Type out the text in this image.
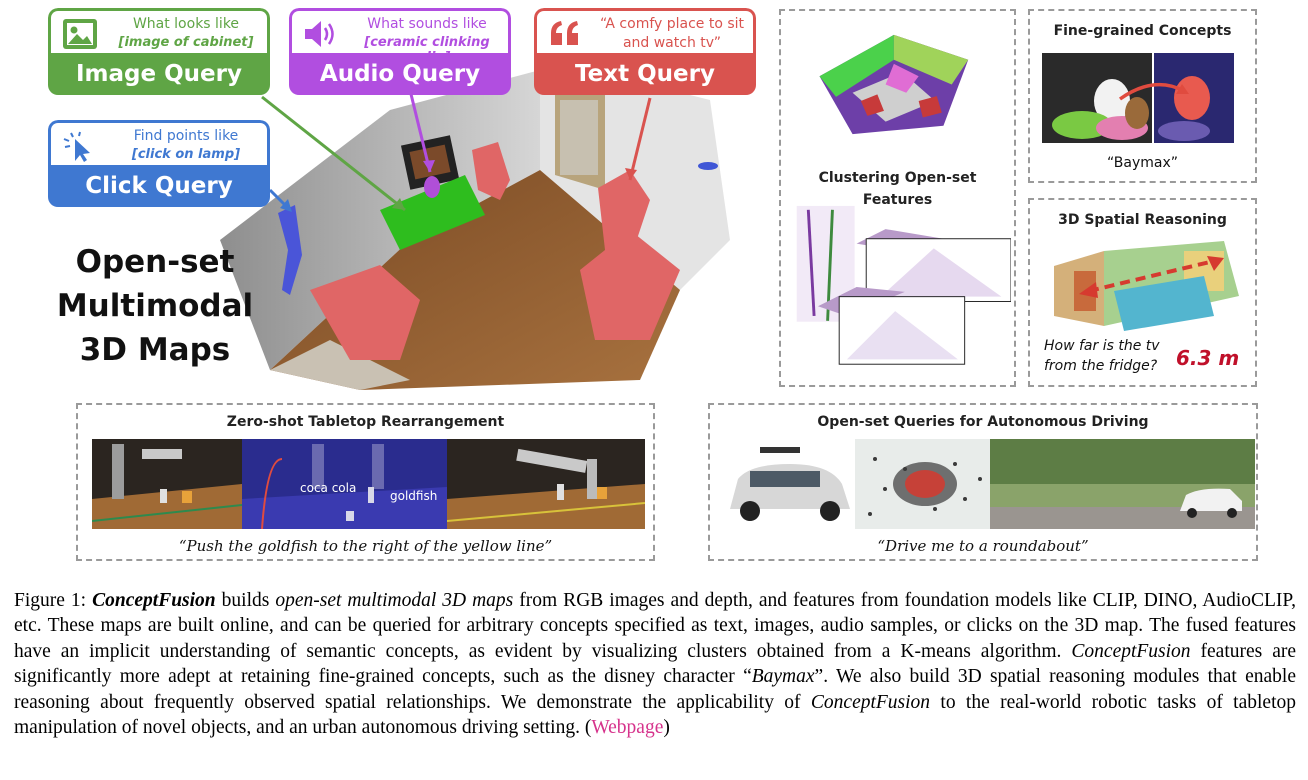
What looks like
[image of cabinet]
Image Query
What sounds like
[ceramic clinking audio]
Audio Query
“A comfy place to sit
and watch tv”
Text Query
Find points like
[click on lamp]
Click Query
Open-set
Multimodal
3D Maps
Clustering Open-set Features
Fine-grained Concepts
“Baymax”
3D Spatial Reasoning
How far is the tv
from the fridge? 6.3 m
Zero-shot Tabletop Rearrangement
coca cola
goldfish
“Push the goldfish to the right of the yellow line”
Open-set Queries for Autonomous Driving
“Drive me to a roundabout”
Figure 1: ConceptFusion builds open-set multimodal 3D maps from RGB images and depth, and features from foundation models like CLIP, DINO, AudioCLIP, etc. These maps are built online, and can be queried for arbitrary concepts specified as text, images, audio samples, or clicks on the 3D map. The fused features have an implicit understanding of semantic concepts, as evident by visualizing clusters obtained from a K-means algorithm. ConceptFusion features are significantly more adept at retaining fine-grained concepts, such as the disney character “Baymax”. We also build 3D spatial reasoning modules that enable reasoning about frequently observed spatial relationships. We demonstrate the applicability of ConceptFusion to the real-world robotic tasks of tabletop manipulation of novel objects, and an urban autonomous driving setting. (Webpage)
